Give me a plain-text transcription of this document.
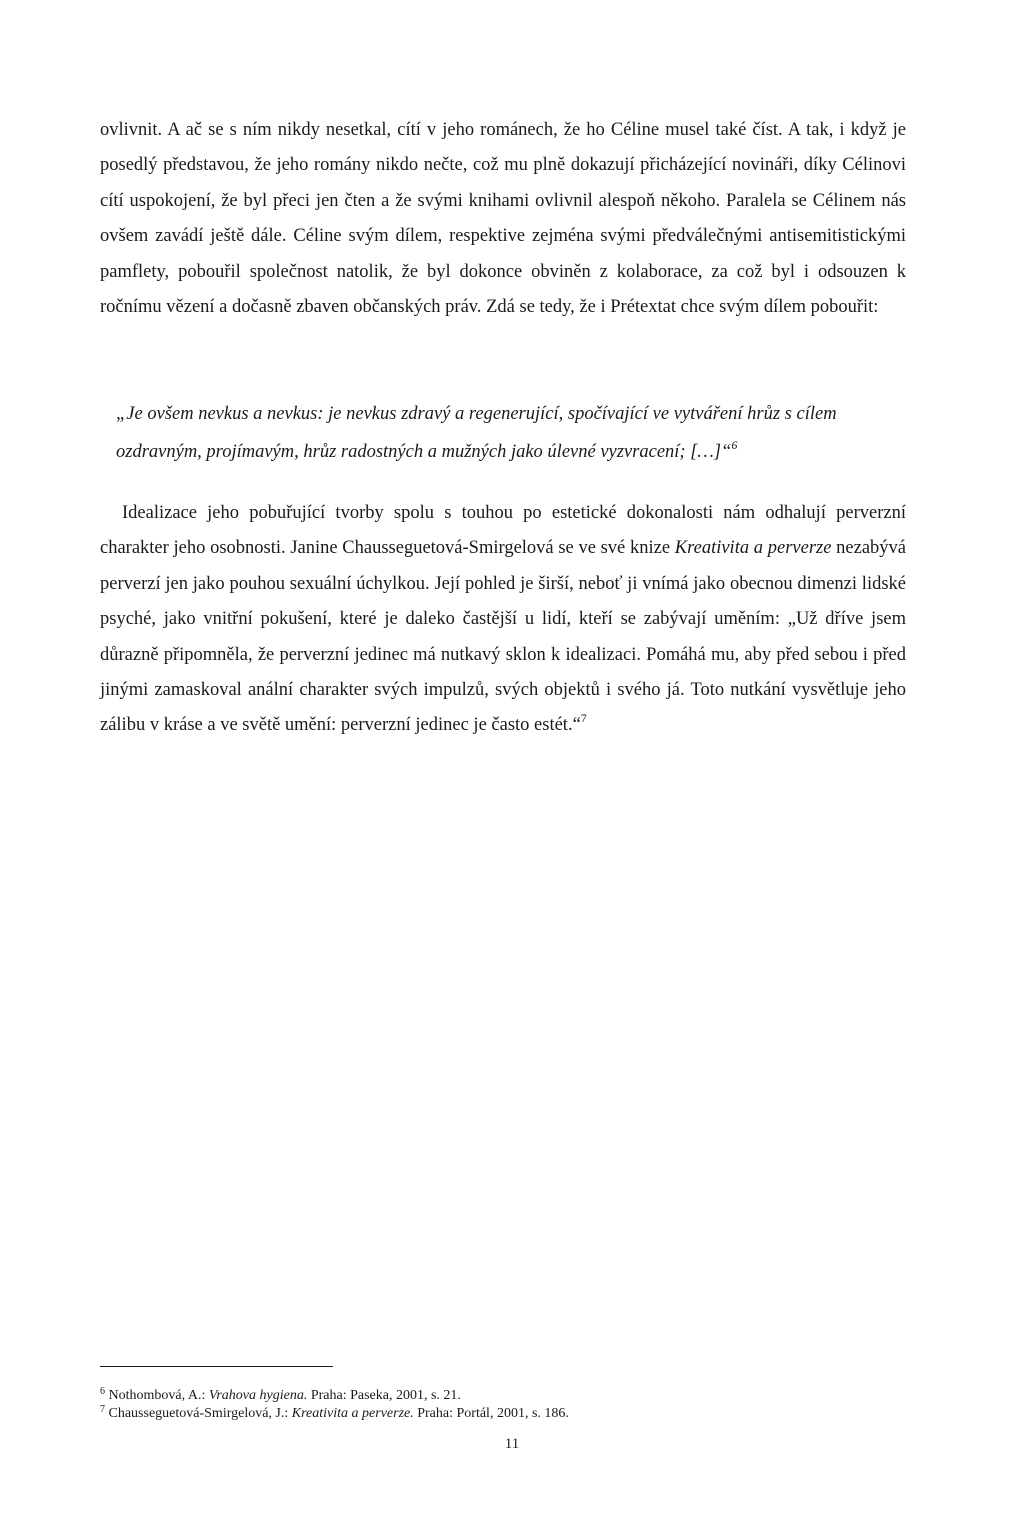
ovlivnit. A ač se s ním nikdy nesetkal, cítí v jeho románech, že ho Céline musel také číst. A tak, i když je posedlý představou, že jeho romány nikdo nečte, což mu plně dokazují přicházející novináři, díky Célinovi cítí uspokojení, že byl přeci jen čten a že svými knihami ovlivnil alespoň někoho. Paralela se Célinem nás ovšem zavádí ještě dále. Céline svým dílem, respektive zejména svými předválečnými antisemitistickými pamflety, pobouřil společnost natolik, že byl dokonce obviněn z kolaborace, za což byl i odsouzen k ročnímu vězení a dočasně zbaven občanských práv. Zdá se tedy, že i Prétextat chce svým dílem pobouřit:

„Je ovšem nevkus a nevkus: je nevkus zdravý a regenerující, spočívající ve vytváření hrůz s cílem ozdravným, projímavým, hrůz radostných a mužných jako úlevné vyzvracení; […]“$^6$

Idealizace jeho pobuřující tvorby spolu s touhou po estetické dokonalosti nám odhalují perverzní charakter jeho osobnosti. Janine Chausseguetová-Smirgelová se ve své knize Kreativita a perverze nezabývá perverzí jen jako pouhou sexuální úchylkou. Její pohled je širší, neboť ji vnímá jako obecnou dimenzi lidské psyché, jako vnitřní pokušení, které je daleko častější u lidí, kteří se zabývají uměním: „Už dříve jsem důrazně připomněla, že perverzní jedinec má nutkavý sklon k idealizaci. Pomáhá mu, aby před sebou i před jinými zamaskoval anální charakter svých impulzů, svých objektů i svého já. Toto nutkání vysvětluje jeho zálibu v kráse a ve světě umění: perverzní jedinec je často estét.“$^7$

$^6$ Nothombová, A.: Vrahova hygiena. Praha: Paseka, 2001, s. 21.

$^7$ Chausseguetová-Smirgelová, J.: Kreativita a perverze. Praha: Portál, 2001, s. 186.

11
